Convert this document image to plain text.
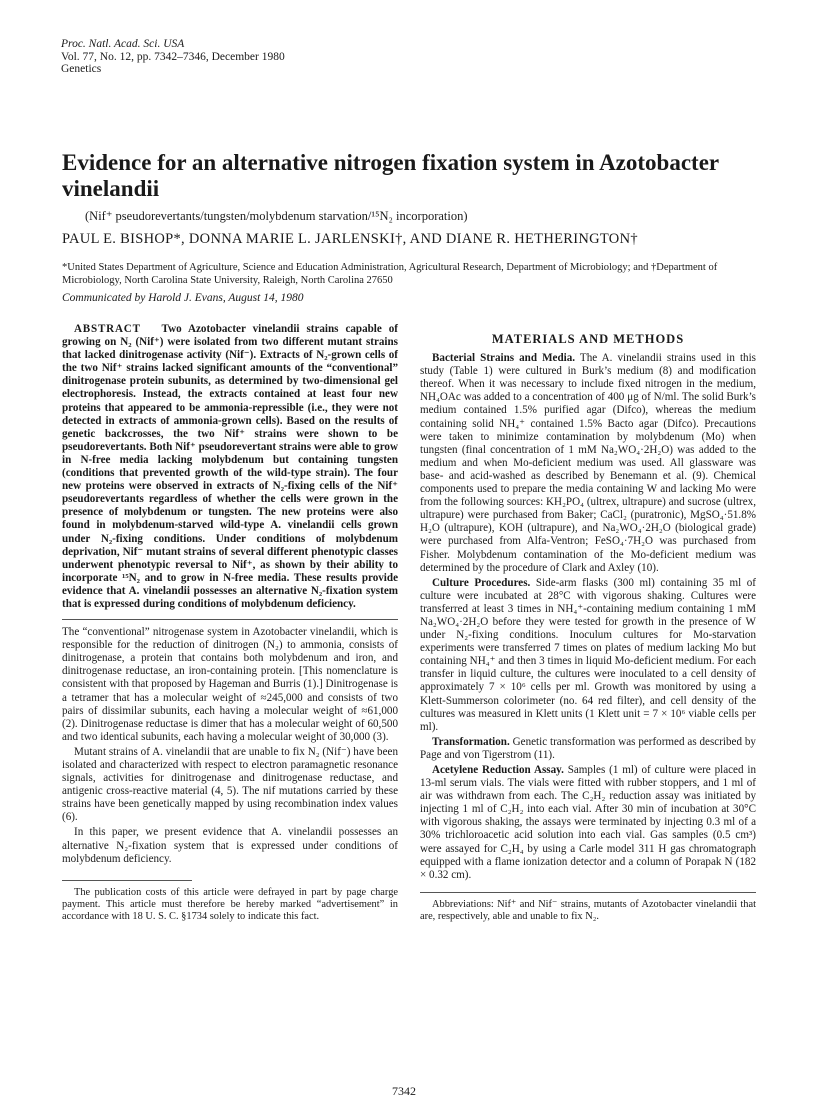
Proc. Natl. Acad. Sci. USA
Vol. 77, No. 12, pp. 7342–7346, December 1980
Genetics
Evidence for an alternative nitrogen fixation system in Azotobacter vinelandii
(Nif⁺ pseudorevertants/tungsten/molybdenum starvation/¹⁵N₂ incorporation)
PAUL E. BISHOP*, DONNA MARIE L. JARLENSKI†, AND DIANE R. HETHERINGTON†
*United States Department of Agriculture, Science and Education Administration, Agricultural Research, Department of Microbiology; and †Department of Microbiology, North Carolina State University, Raleigh, North Carolina 27650
Communicated by Harold J. Evans, August 14, 1980

ABSTRACT Two Azotobacter vinelandii strains capable of growing on N₂ (Nif⁺) were isolated from two different mutant strains that lacked dinitrogenase activity (Nif⁻). Extracts of N₂-grown cells of the two Nif⁺ strains lacked significant amounts of the “conventional” dinitrogenase protein subunits, as determined by two-dimensional gel electrophoresis. Instead, the extracts contained at least four new proteins that appeared to be ammonia-repressible (i.e., they were not detected in extracts of ammonia-grown cells). Based on the results of genetic backcrosses, the two Nif⁺ strains were shown to be pseudorevertants. Both Nif⁺ pseudorevertant strains were able to grow in N-free media lacking molybdenum but containing tungsten (conditions that prevented growth of the wild-type strain). The four new proteins were observed in extracts of N₂-fixing cells of the Nif⁺ pseudorevertants regardless of whether the cells were grown in the presence of molybdenum or tungsten. The new proteins were also found in molybdenum-starved wild-type A. vinelandii cells grown under N₂-fixing conditions. Under conditions of molybdenum deprivation, Nif⁻ mutant strains of several different phenotypic classes underwent phenotypic reversal to Nif⁺, as shown by their ability to incorporate ¹⁵N₂ and to grow in N-free media. These results provide evidence that A. vinelandii possesses an alternative N₂-fixation system that is expressed during conditions of molybdenum deficiency.

The “conventional” nitrogenase system in Azotobacter vinelandii, which is responsible for the reduction of dinitrogen (N₂) to ammonia, consists of dinitrogenase, a protein that contains both molybdenum and iron, and dinitrogenase reductase, an iron-containing protein. [This nomenclature is consistent with that proposed by Hageman and Burris (1).] Dinitrogenase is a tetramer that has a molecular weight of ≈245,000 and consists of two pairs of dissimilar subunits, each having a molecular weight of ≈61,000 (2). Dinitrogenase reductase is dimer that has a molecular weight of 60,500 and two identical subunits, each having a molecular weight of 30,000 (3).

Mutant strains of A. vinelandii that are unable to fix N₂ (Nif⁻) have been isolated and characterized with respect to electron paramagnetic resonance signals, activities for dinitrogenase and dinitrogenase reductase, and antigenic cross-reactive material (4, 5). The nif mutations carried by these strains have been genetically mapped by using recombination index values (6).

In this paper, we present evidence that A. vinelandii possesses an alternative N₂-fixation system that is expressed under conditions of molybdenum deficiency.

The publication costs of this article were defrayed in part by page charge payment. This article must therefore be hereby marked “advertisement” in accordance with 18 U. S. C. §1734 solely to indicate this fact.

MATERIALS AND METHODS

Bacterial Strains and Media. The A. vinelandii strains used in this study (Table 1) were cultured in Burk’s medium (8) and modification thereof. When it was necessary to include fixed nitrogen in the medium, NH₄OAc was added to a concentration of 400 μg of N/ml. The solid Burk’s medium contained 1.5% purified agar (Difco), whereas the medium containing solid NH₄⁺ contained 1.5% Bacto agar (Difco). Precautions were taken to minimize contamination by molybdenum (Mo) when tungsten (final concentration of 1 mM Na₂WO₄·2H₂O) was added to the medium and when Mo-deficient medium was used. All glassware was base- and acid-washed as described by Benemann et al. (9). Chemical components used to prepare the media containing W and lacking Mo were from the following sources: KH₂PO₄ (ultrex, ultrapure) and sucrose (ultrex, ultrapure) were purchased from Baker; CaCl₂ (puratronic), MgSO₄·51.8% H₂O (ultrapure), KOH (ultrapure), and Na₂WO₄·2H₂O (biological grade) were purchased from Alfa-Ventron; FeSO₄·7H₂O was purchased from Fisher. Molybdenum contamination of the Mo-deficient medium was determined by the procedure of Clark and Axley (10).

Culture Procedures. Side-arm flasks (300 ml) containing 35 ml of culture were incubated at 28°C with vigorous shaking. Cultures were transferred at least 3 times in NH₄⁺-containing medium containing 1 mM Na₂WO₄·2H₂O before they were tested for growth in the presence of W under N₂-fixing conditions. Inoculum cultures for Mo-starvation experiments were transferred 7 times on plates of medium lacking Mo but containing NH₄⁺ and then 3 times in liquid Mo-deficient medium. For each transfer in liquid culture, the cultures were inoculated to a cell density of approximately 7 × 10⁶ cells per ml. Growth was monitored by using a Klett-Summerson colorimeter (no. 64 red filter), and cell density of the cultures was measured in Klett units (1 Klett unit = 7 × 10⁶ viable cells per ml).

Transformation. Genetic transformation was performed as described by Page and von Tigerstrom (11).

Acetylene Reduction Assay. Samples (1 ml) of culture were placed in 13-ml serum vials. The vials were fitted with rubber stoppers, and 1 ml of air was withdrawn from each. The C₂H₂ reduction assay was initiated by injecting 1 ml of C₂H₂ into each vial. After 30 min of incubation at 30°C with vigorous shaking, the assays were terminated by injecting 0.3 ml of a 30% trichloroacetic acid solution into each vial. Gas samples (0.5 cm³) were assayed for C₂H₄ by using a Carle model 311 H gas chromatograph equipped with a flame ionization detector and a column of Porapak N (182 × 0.32 cm).

Abbreviations: Nif⁺ and Nif⁻ strains, mutants of Azotobacter vinelandii that are, respectively, able and unable to fix N₂.

7342
